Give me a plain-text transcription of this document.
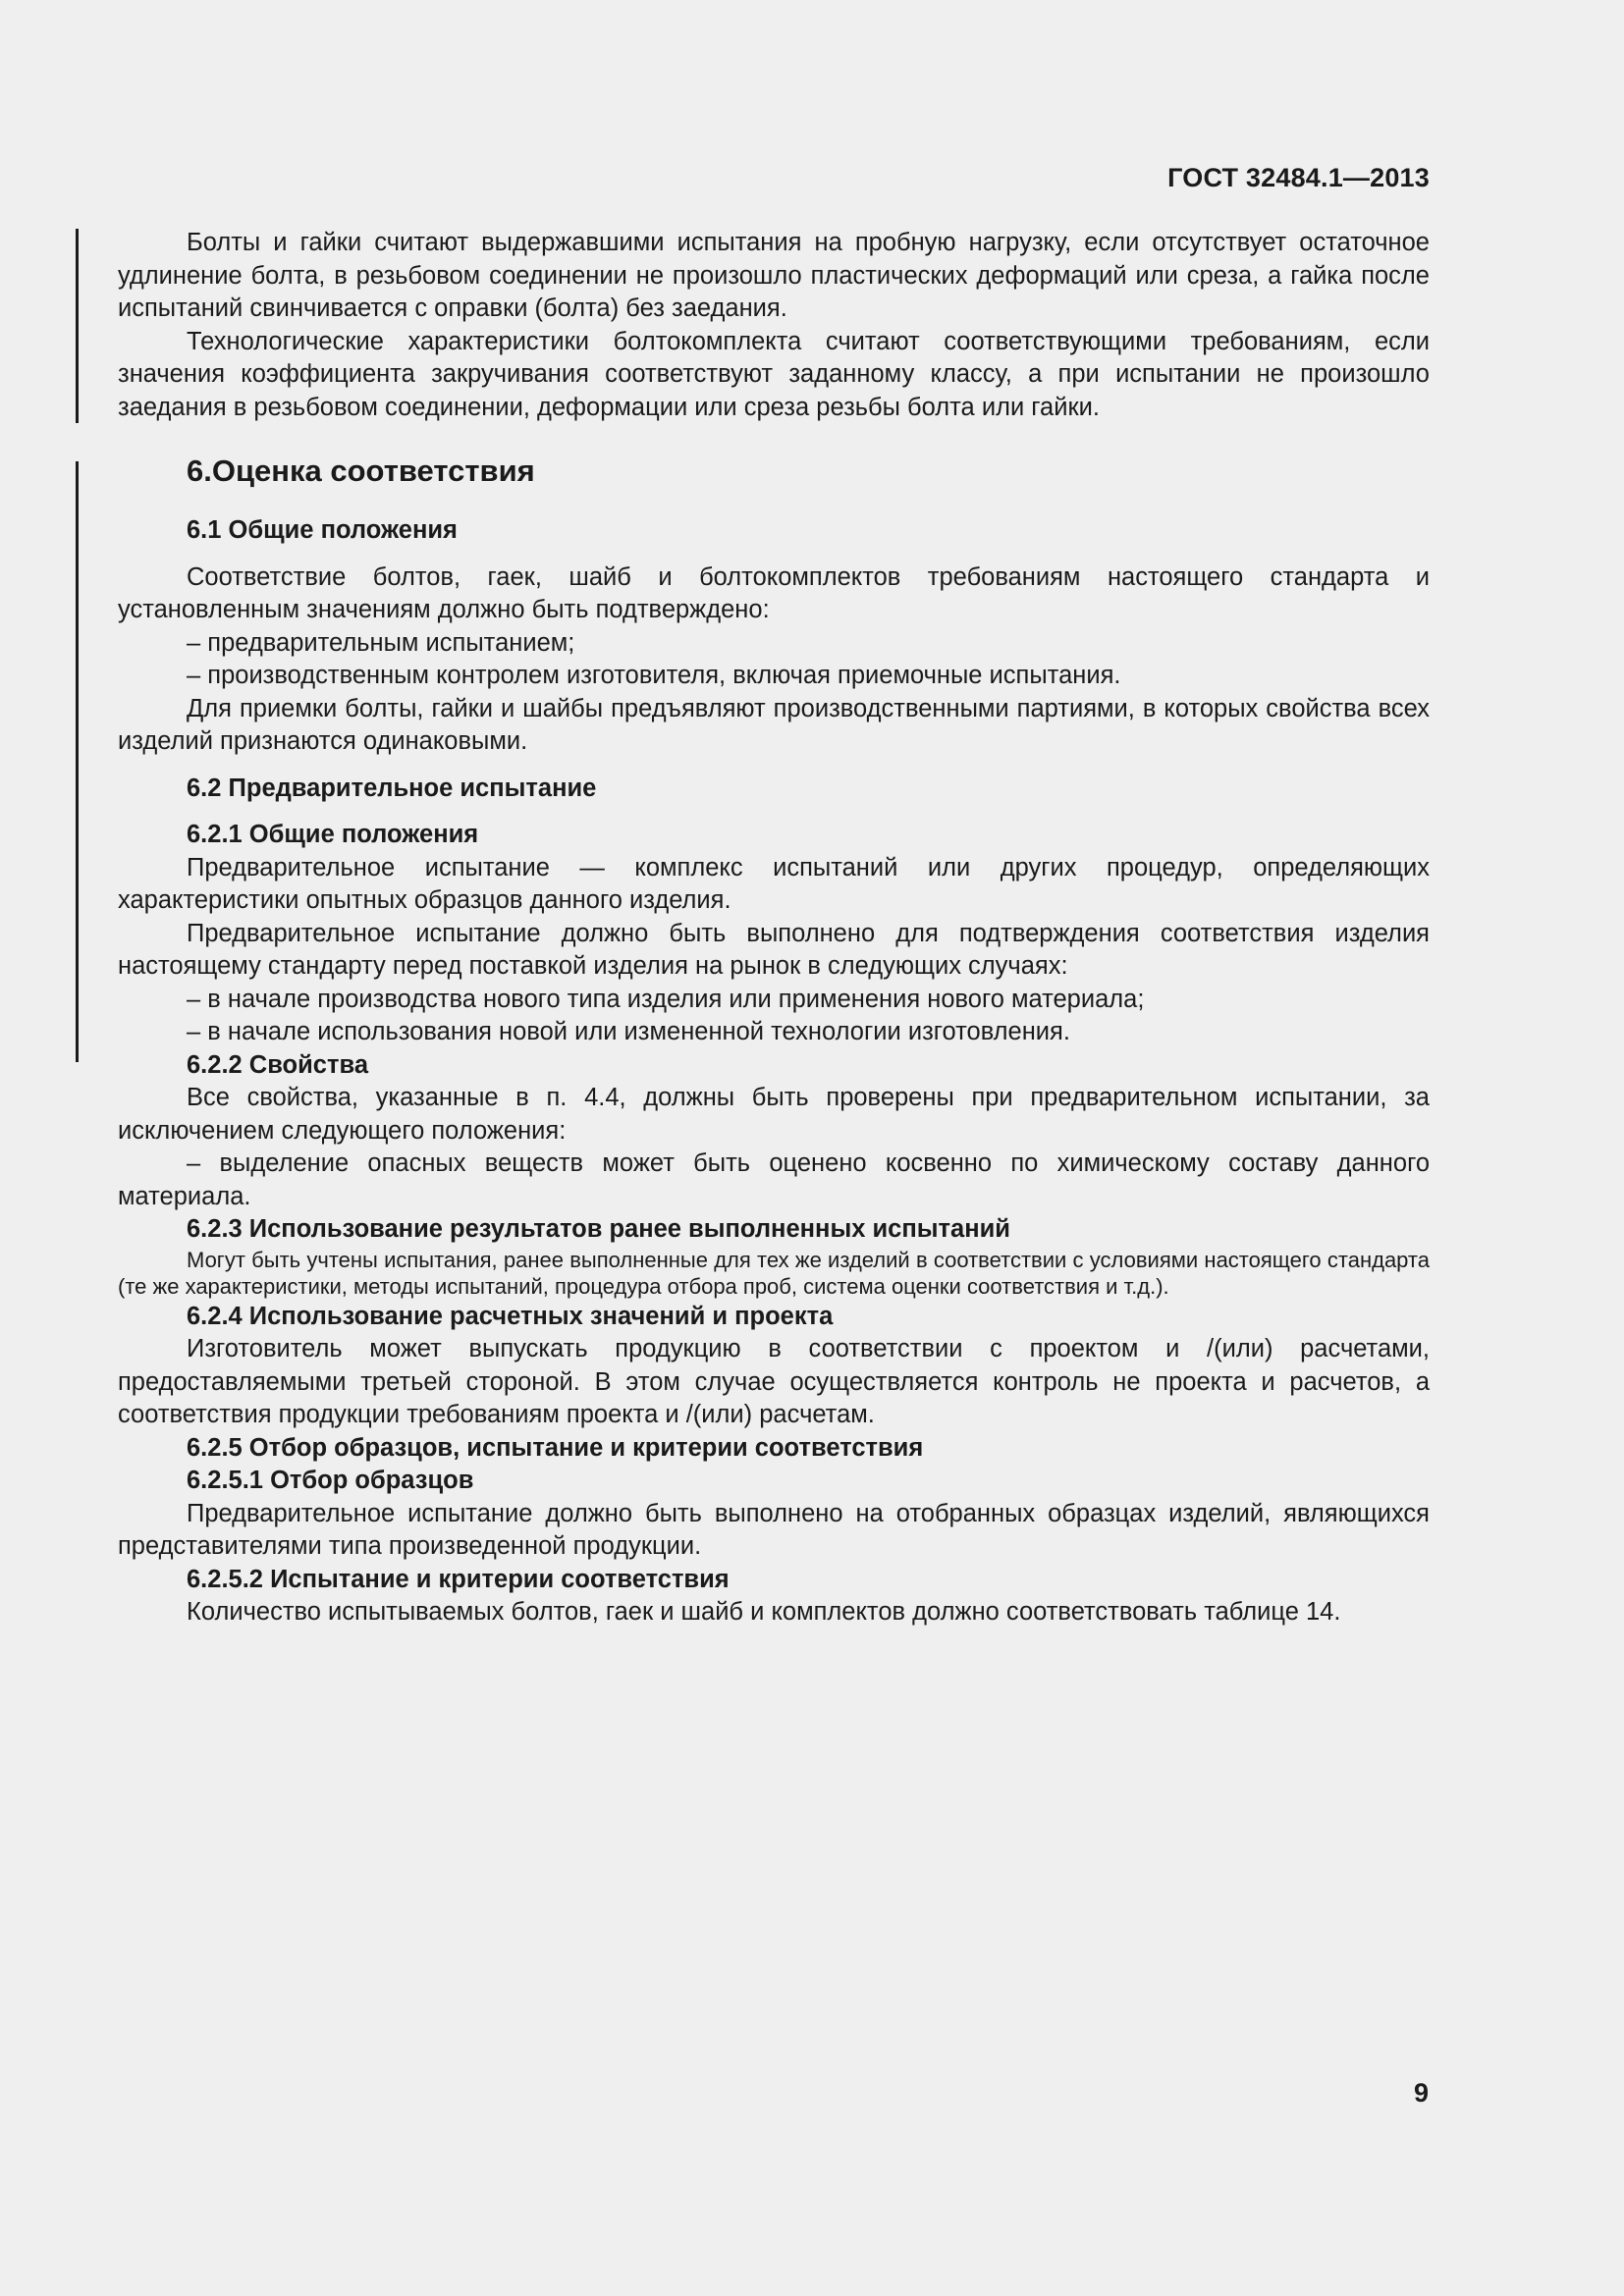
ГОСТ 32484.1—2013

Болты и гайки считают выдержавшими испытания на пробную нагрузку, если отсутствует остаточное удлинение болта, в резьбовом соединении не произошло пластических деформаций или среза, а гайка после испытаний свинчивается с оправки (болта) без заедания.

Технологические характеристики болтокомплекта считают соответствующими требованиям, если значения коэффициента закручивания соответствуют заданному классу, а при испытании не произошло заедания в резьбовом соединении, деформации или среза резьбы болта или гайки.

6.Оценка соответствия

6.1 Общие положения

Соответствие болтов, гаек, шайб и болтокомплектов требованиям настоящего стандарта и установленным значениям должно быть подтверждено:

– предварительным испытанием;

– производственным контролем изготовителя, включая приемочные испытания.

Для приемки болты, гайки и шайбы предъявляют производственными партиями, в которых свойства всех изделий признаются одинаковыми.

6.2 Предварительное испытание

6.2.1 Общие положения

Предварительное испытание — комплекс испытаний или других процедур, определяющих характеристики опытных образцов данного изделия.

Предварительное испытание должно быть выполнено для подтверждения соответствия изделия настоящему стандарту перед поставкой изделия на рынок в следующих случаях:

– в начале производства нового типа изделия или применения нового материала;

– в начале использования новой или измененной технологии изготовления.

6.2.2 Свойства

Все свойства, указанные в п. 4.4, должны быть проверены при предварительном испытании, за исключением следующего положения:

– выделение опасных веществ может быть оценено косвенно по химическому составу данного материала.

6.2.3 Использование результатов ранее выполненных испытаний

Могут быть учтены испытания, ранее выполненные для тех же изделий в соответствии с условиями настоящего стандарта (те же характеристики, методы испытаний, процедура отбора проб, система оценки соответствия и т.д.).

6.2.4 Использование расчетных значений и проекта

Изготовитель может выпускать продукцию в соответствии с проектом и /(или) расчетами, предоставляемыми третьей стороной. В этом случае осуществляется контроль не проекта и расчетов, а соответствия продукции требованиям проекта и /(или) расчетам.

6.2.5 Отбор образцов, испытание и критерии соответствия

6.2.5.1 Отбор образцов

Предварительное испытание должно быть выполнено на отобранных образцах изделий, являющихся представителями типа произведенной продукции.

6.2.5.2 Испытание и критерии соответствия

Количество испытываемых болтов, гаек и шайб и комплектов должно соответствовать таблице 14.

9
